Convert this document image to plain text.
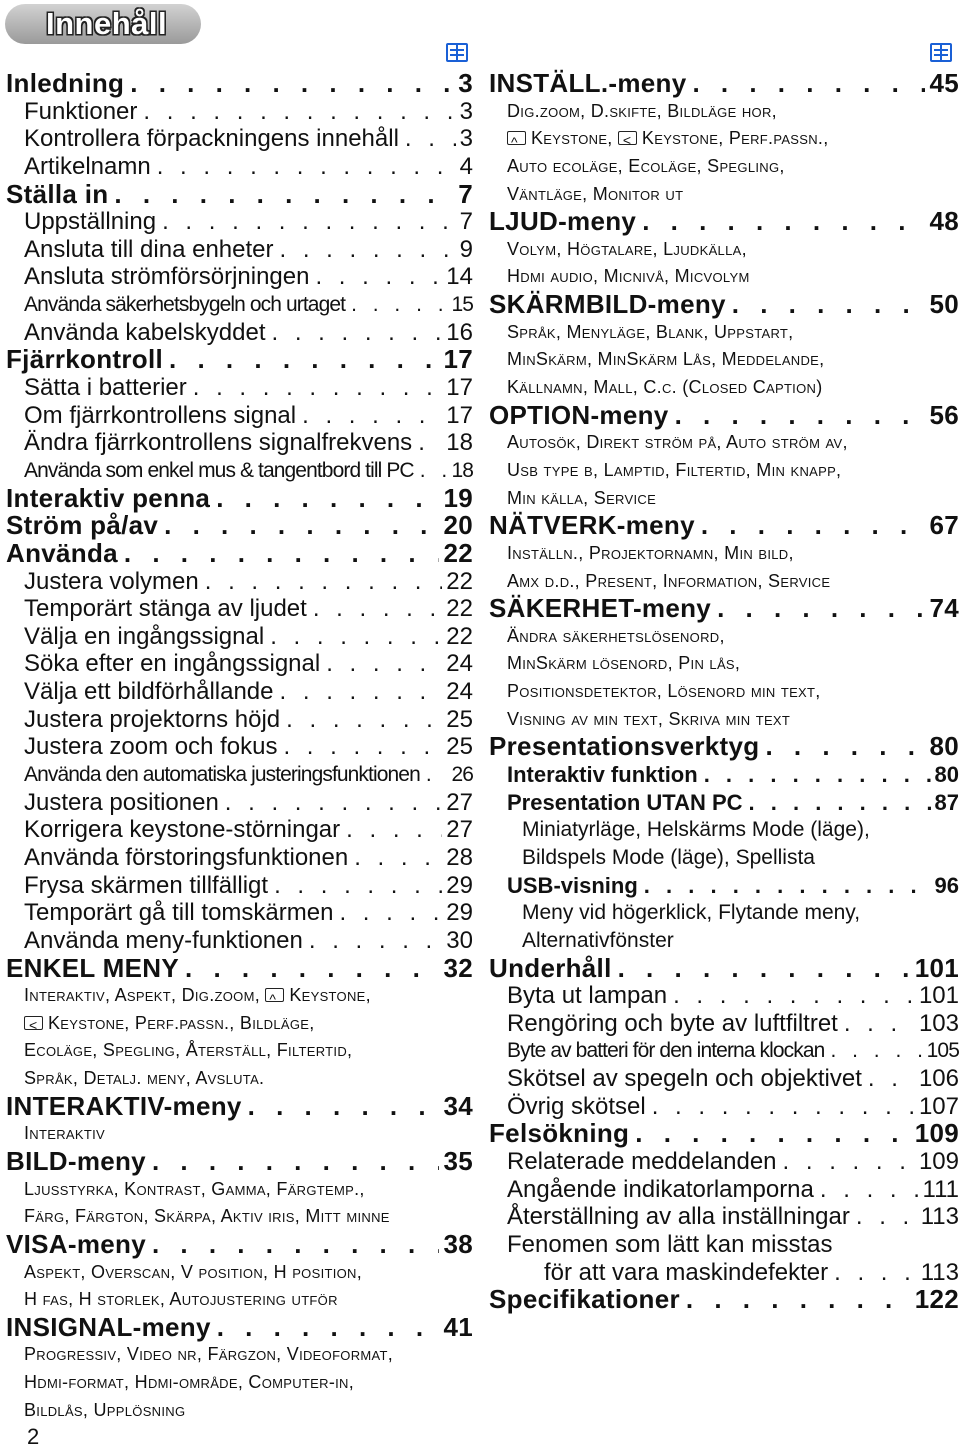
Innehåll
Inledning . . .	3
Funktioner . . .	3
Kontrollera förpackningens innehåll . . .	3
Artikelnamn . . .	4
Ställa in . . .	7
Uppställning . . .	7
Ansluta till dina enheter . . .	9
Ansluta strömförsörjningen . . .	14
Använda säkerhetsbygeln och urtaget . . .	15
Använda kabelskyddet . . .	16
Fjärrkontroll . . .	17
Sätta i batterier . . .	17
Om fjärrkontrollens signal . . .	17
Ändra fjärrkontrollens signalfrekvens . . . 18
Använda som enkel mus & tangentbord till PC . . . 18
Interaktiv penna . . .	19
Ström på/av . . .	20
Använda . . .	22
Justera volymen . . .	22
Temporärt stänga av ljudet . . .	22
Välja en ingångssignal . . .	22
Söka efter en ingångssignal . . .	24
Välja ett bildförhållande . . .	24
Justera projektorns höjd . . .	25
Justera zoom och fokus . . .	25
Använda den automatiska justeringsfunktionen . . . 26
Justera positionen . . .	27
Korrigera keystone-störningar . . .	27
Använda förstoringsfunktionen . . .	28
Frysa skärmen tillfälligt . . .	29
Temporärt gå till tomskärmen . . .	29
Använda meny-funktionen . . .	30
ENKEL MENY . . .	32
Interaktiv, Aspekt, Dig.zoom, ^ Keystone,
<Keystone, Perf.passn., Bildläge,
Ecoläge, Spegling, Återställ, Filtertid,
Språk, Detalj. meny, Avsluta.
INTERAKTIV-meny . . .	34
Interaktiv
BILD-meny . . .	35
Ljusstyrka, Kontrast, Gamma, Färgtemp.,
Färg, Färgton, Skärpa, Aktiv iris, Mitt minne
VISA-meny . . .	38
Aspekt, Overscan, V position, H position,
H fas, H storlek, Autojustering utför
INSIGNAL-meny . . .	41
Progressiv, Video nr, Färgzon, Videoformat,
Hdmi-format, Hdmi-område, Computer-in,
Bildlås, Upplösning
INSTÄLL.-meny . . .	45
Dig.zoom, D.skifte, Bildläge hor,
^Keystone, < Keystone, Perf.passn.,
Auto ecoläge, Ecoläge, Spegling,
Väntläge, Monitor ut
LJUD-meny . . .	48
Volym, Högtalare, Ljudkälla,
Hdmi audio, Micnivå, Micvolym
SKÄRMBILD-meny . . .	50
Språk, Menyläge, Blank, Uppstart,
MinSkärm, MinSkärm Lås, Meddelande,
Källnamn, Mall, C.c. (Closed Caption)
OPTION-meny . . .	56
Autosök, Direkt ström på, Auto ström av,
Usb type b, Lamptid, Filtertid, Min knapp,
Min källa, Service
NÄTVERK-meny . . .	67
Inställn., Projektornamn, Min bild,
Amx d.d., Present, Information, Service
SÄKERHET-meny . . .	74
Ändra säkerhetslösenord,
MinSkärm lösenord, Pin lås,
Positionsdetektor, Lösenord min text,
Visning av min text, Skriva min text
Presentationsverktyg . . .	80
Interaktiv funktion . . .	80
Presentation UTAN PC . . .	87
Miniatyrläge, Helskärms Mode (läge),
Bildspels Mode (läge), Spellista
USB-visning . . .	96
Meny vid högerklick, Flytande meny,
Alternativfönster
Underhåll . . .	101
Byta ut lampan . . .	101
Rengöring och byte av luftfiltret . . .	103
Byte av batteri för den interna klockan . . .	105
Skötsel av spegeln och objektivet . . . 106
Övrig skötsel . . .	107
Felsökning . . .	109
Relaterade meddelanden . . .	109
Angående indikatorlamporna . . .	111
Återställning av alla inställningar . . .	113
Fenomen som lätt kan misstas
för att vara maskindefekter . . .	113
Specifikationer . . .	122
2
